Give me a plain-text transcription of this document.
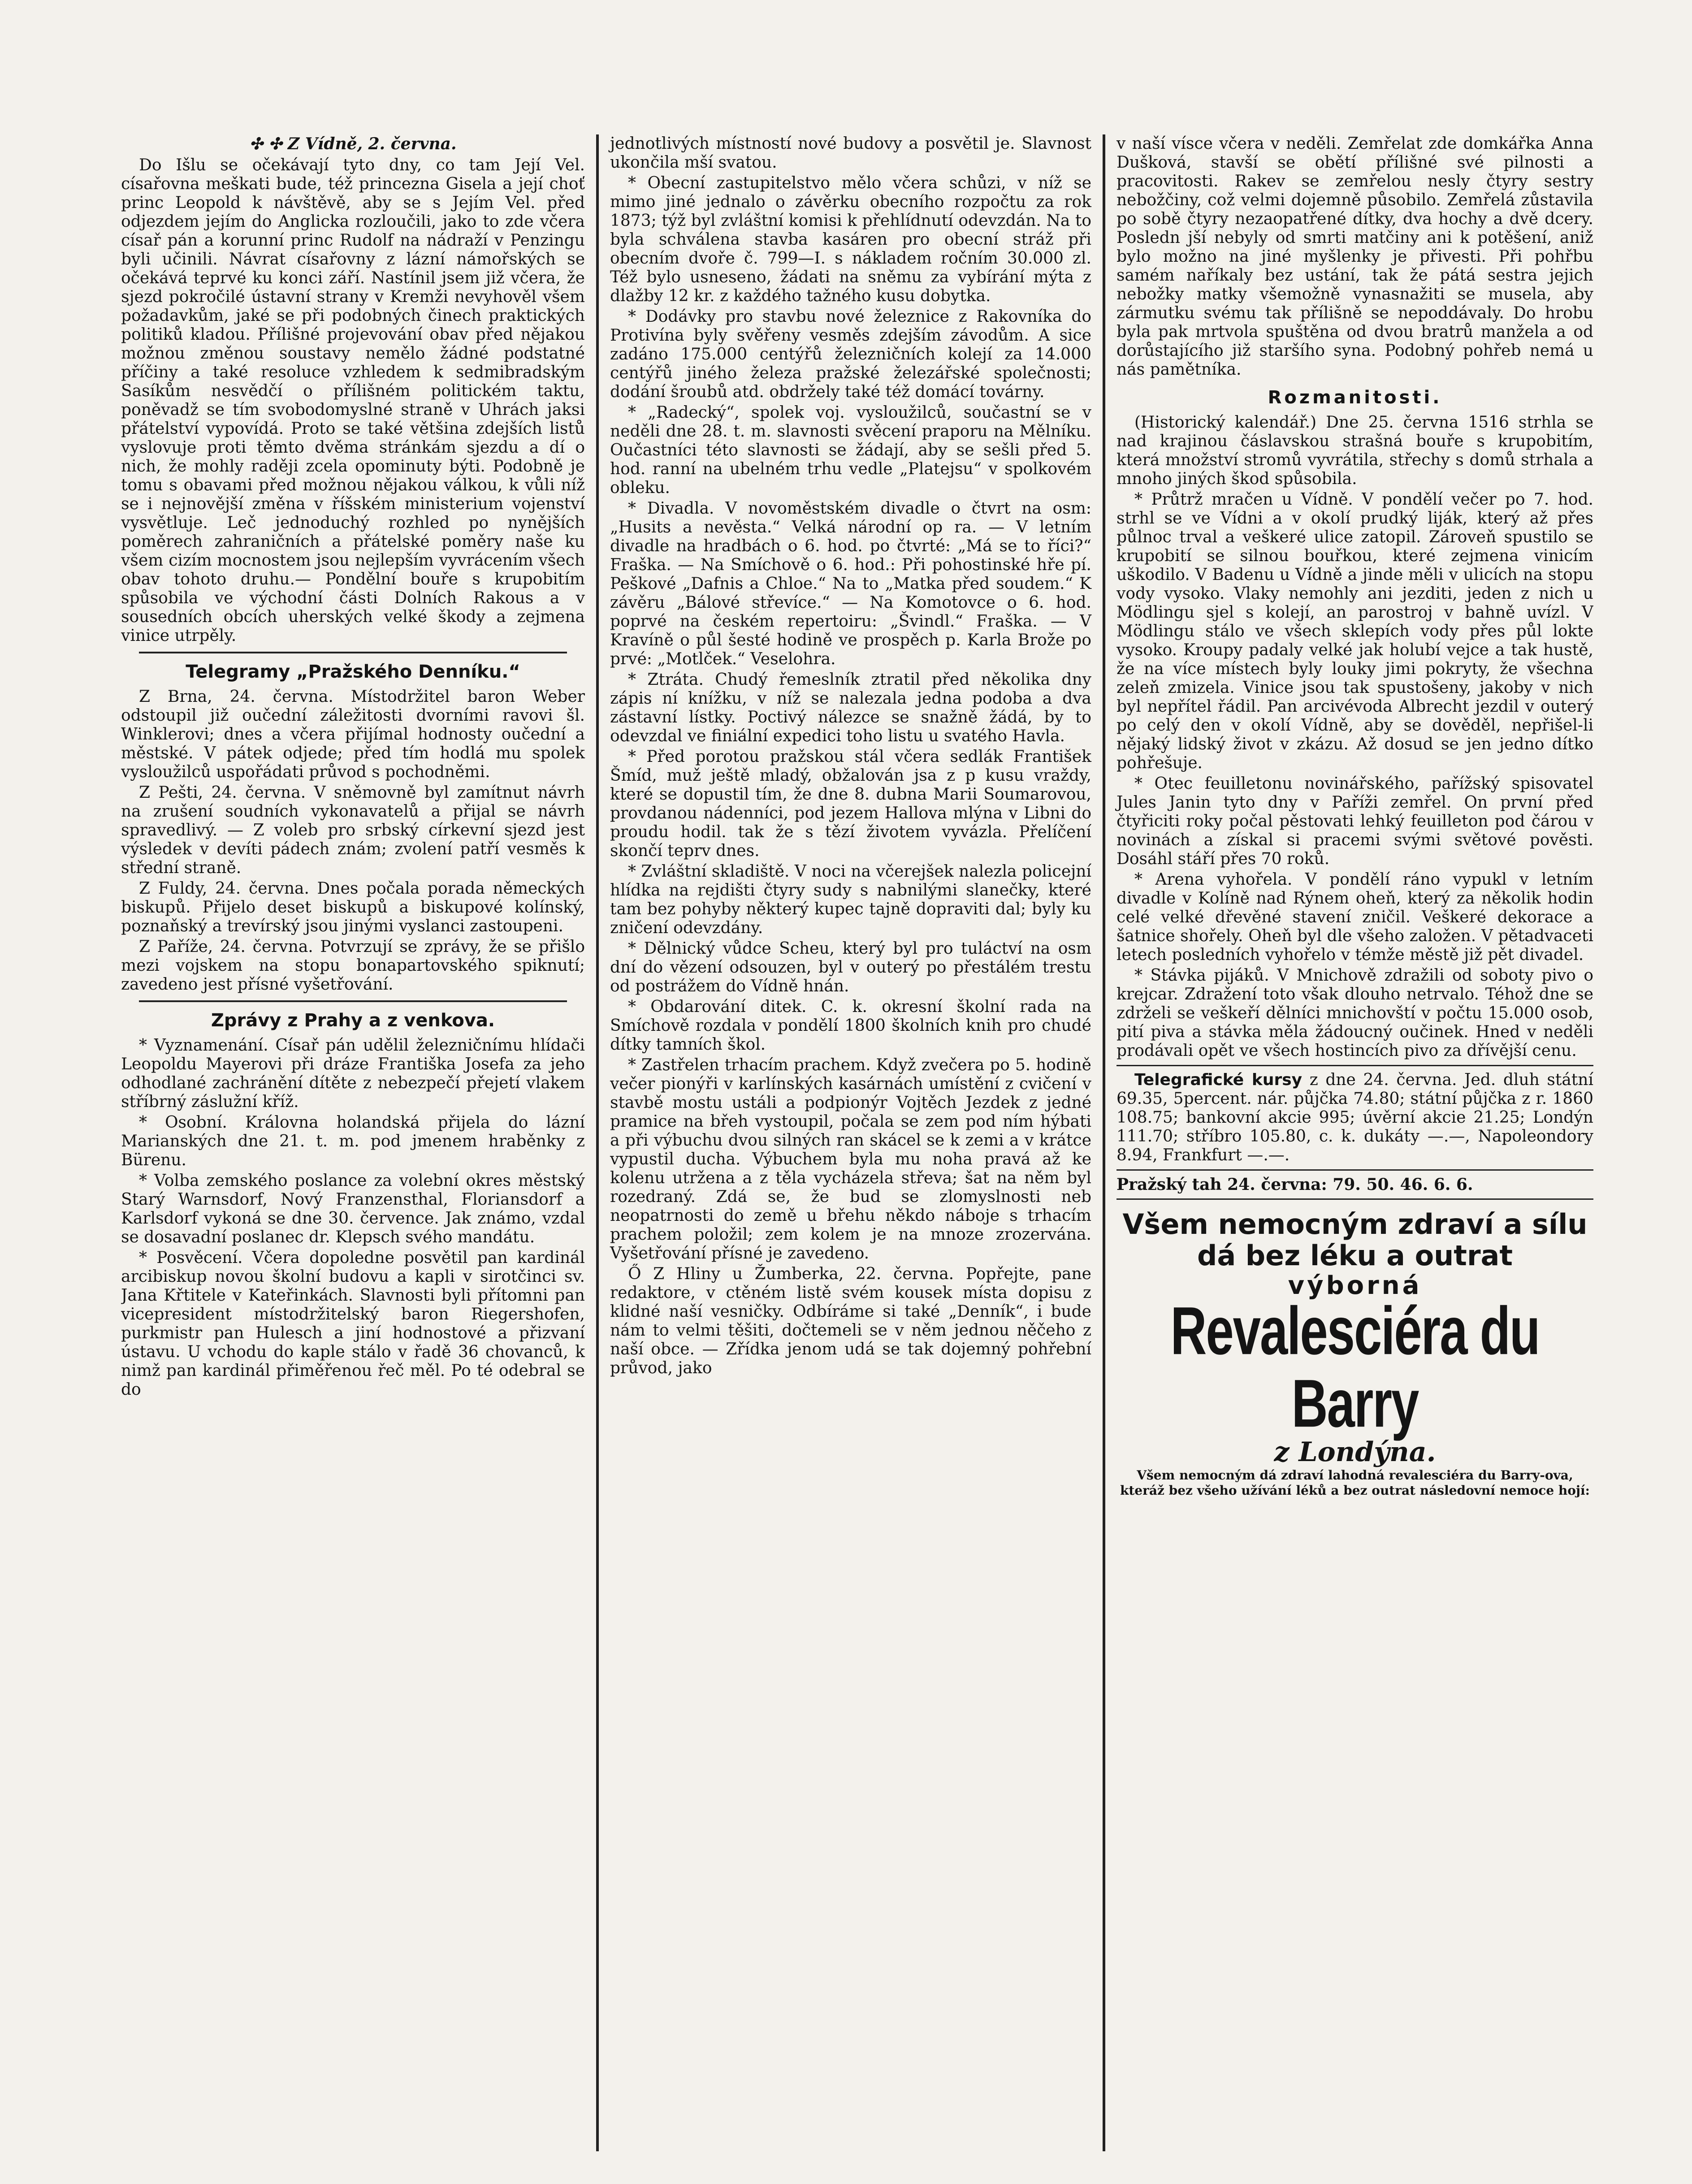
✣ ✣ Z Vídně, 2. června.

Do Išlu se očekávají tyto dny, co tam Její Vel. císařovna meškati bude, též princezna Gisela a její choť princ Leopold k návštěvě, aby se s Jejím Vel. před odjezdem jejím do Anglicka rozloučili, jako to zde včera císař pán a korunní princ Rudolf na nádraží v Penzingu byli učinili. Návrat císařovny z lázní námořských se očekává teprvé ku konci září. Nastínil jsem již včera, že sjezd pokročilé ústavní strany v Kremži nevyhověl všem požadavkům, jaké se při podobných činech praktických politiků kladou. Přílišné projevování obav před nějakou možnou změnou soustavy nemělo žádné podstatné příčiny a také resoluce vzhledem k sedmibradským Sasíkům nesvědčí o přílišném politickém taktu, poněvadž se tím svobodomyslné straně v Uhrách jaksi přátelství vypovídá. Proto se také většina zdejších listů vyslovuje proti těmto dvěma stránkám sjezdu a dí o nich, že mohly raději zcela opominuty býti. Podobně je tomu s obavami před možnou nějakou válkou, k vůli níž se i nejnovější změna v říšském ministerium vojenství vysvětluje. Leč jednoduchý rozhled po nynějších poměrech zahraničních a přátelské poměry naše ku všem cizím mocnostem jsou nejlepším vyvrácením všech obav tohoto druhu.— Pondělní bouře s krupobitím spůsobila ve východní části Dolních Rakous a v sousedních obcích uherských velké škody a zejmena vinice utrpěly.

Telegramy „Pražského Denníku.“

Z Brna, 24. června. Místodržitel baron Weber odstoupil již oučední záležitosti dvorními ravovi šl. Winklerovi; dnes a včera přijímal hodnosty oučední a městské. V pátek odjede; před tím hodlá mu spolek vysloužilců uspořádati průvod s pochodněmi.

Z Pešti, 24. června. V sněmovně byl zamítnut návrh na zrušení soudních vykonavatelů a přijal se návrh spravedlivý. — Z voleb pro srbský církevní sjezd jest výsledek v devíti pádech znám; zvolení patří vesměs k střední straně.

Z Fuldy, 24. června. Dnes počala porada německých biskupů. Přijelo deset biskupů a biskupové kolínský, poznaňský a trevírský jsou jinými vyslanci zastoupeni.

Z Paříže, 24. června. Potvrzují se zprávy, že se přišlo mezi vojskem na stopu bonapartovského spiknutí; zavedeno jest přísné vyšetřování.

Zprávy z Prahy a z venkova.

* Vyznamenání. Císař pán udělil železničnímu hlídači Leopoldu Mayerovi při dráze Františka Josefa za jeho odhodlané zachránění dítěte z nebezpečí přejetí vlakem stříbrný záslužní kříž.

* Osobní. Královna holandská přijela do lázní Marianských dne 21. t. m. pod jmenem hraběnky z Bürenu.

* Volba zemského poslance za volební okres městský Starý Warnsdorf, Nový Franzensthal, Floriansdorf a Karlsdorf vykoná se dne 30. července. Jak známo, vzdal se dosavadní poslanec dr. Klepsch svého mandátu.

* Posvěcení. Včera dopoledne posvětil pan kardinál arcibiskup novou školní budovu a kapli v sirotčinci sv. Jana Křtitele v Kateřinkách. Slavnosti byli přítomni pan vicepresident místodržitelský baron Riegershofen, purkmistr pan Hulesch a jiní hodnostové a přizvaní ústavu. U vchodu do kaple stálo v řadě 36 chovanců, k nimž pan kardinál přiměřenou řeč měl. Po té odebral se do

jednotlivých místností nové budovy a posvětil je. Slavnost ukončila mší svatou.

* Obecní zastupitelstvo mělo včera schůzi, v níž se mimo jiné jednalo o závěrku obecního rozpočtu za rok 1873; týž byl zvláštní komisi k přehlídnutí odevzdán. Na to byla schválena stavba kasáren pro obecní stráž při obecním dvoře č. 799—I. s nákladem ročním 30.000 zl. Též bylo usneseno, žádati na sněmu za vybírání mýta z dlažby 12 kr. z každého tažného kusu dobytka.

* Dodávky pro stavbu nové železnice z Rakovníka do Protivína byly svěřeny vesměs zdejším závodům. A sice zadáno 175.000 centýřů železničních kolejí za 14.000 centýřů jiného železa pražské železářské společnosti; dodání šroubů atd. obdržely také též domácí továrny.

* „Radecký“, spolek voj. vysloužilců, součastní se v neděli dne 28. t. m. slavnosti svěcení praporu na Mělníku. Oučastníci této slavnosti se žádají, aby se sešli před 5. hod. ranní na ubelném trhu vedle „Platejsu“ v spolkovém obleku.

* Divadla. V novoměstském divadle o čtvrt na osm: „Husits a nevěsta.“ Velká národní op ra. — V letním divadle na hradbách o 6. hod. po čtvrté: „Má se to říci?“ Fraška. — Na Smíchově o 6. hod.: Při pohostinské hře pí. Peškové „Dafnis a Chloe.“ Na to „Matka před soudem.“ K závěru „Bálové střevíce.“ — Na Komotovce o 6. hod. poprvé na českém repertoiru: „Švindl.“ Fraška. — V Kravíně o půl šesté hodině ve prospěch p. Karla Brože po prvé: „Motlček.“ Veselohra.

* Ztráta. Chudý řemeslník ztratil před několika dny zápis ní knížku, v níž se nalezala jedna podoba a dva zástavní lístky. Poctivý nálezce se snažně žádá, by to odevzdal ve finiální expedici toho listu u svatého Havla.

* Před porotou pražskou stál včera sedlák František Šmíd, muž ještě mladý, obžalován jsa z p kusu vraždy, které se dopustil tím, že dne 8. dubna Marii Soumarovou, provdanou nádenníci, pod jezem Hallova mlýna v Libni do proudu hodil. tak že s tězí životem vyvázla. Přelíčení skončí teprv dnes.

* Zvláštní skladiště. V noci na včerejšek nalezla policejní hlídka na rejdišti čtyry sudy s nabnilými slanečky, které tam bez pohyby některý kupec tajně dopraviti dal; byly ku zničení odevzdány.

* Dělnický vůdce Scheu, který byl pro tuláctví na osm dní do vězení odsouzen, byl v outerý po přestálém trestu od postrážem do Vídně hnán.

* Obdarování ditek. C. k. okresní školní rada na Smíchově rozdala v pondělí 1800 školních knih pro chudé dítky tamních škol.

* Zastřelen trhacím prachem. Když zvečera po 5. hodině večer pionýři v karlínských kasárnách umístění z cvičení v stavbě mostu ustáli a podpionýr Vojtěch Jezdek z jedné pramice na břeh vystoupil, počala se zem pod ním hýbati a při výbuchu dvou silných ran skácel se k zemi a v krátce vypustil ducha. Výbuchem byla mu noha pravá až ke kolenu utržena a z těla vycházela střeva; šat na něm byl rozedraný. Zdá se, že bud se zlomyslnosti neb neopatrnosti do země u břehu někdo náboje s trhacím prachem položil; zem kolem je na mnoze zrozervána. Vyšetřování přísné je zavedeno.

Ő Z Hliny u Žumberka, 22. června. Popřejte, pane redaktore, v ctěném listě svém kousek místa dopisu z klidné naší vesničky. Odbíráme si také „Denník“, i bude nám to velmi těšiti, dočtemeli se v něm jednou něčeho z naší obce. — Zřídka jenom udá se tak dojemný pohřební průvod, jako

v naší vísce včera v neděli. Zemřelat zde domkářka Anna Dušková, stavší se obětí přílišné své pilnosti a pracovitosti. Rakev se zemřelou nesly čtyry sestry nebožčiny, což velmi dojemně působilo. Zemřelá zůstavila po sobě čtyry nezaopatřené dítky, dva hochy a dvě dcery. Posledn jší nebyly od smrti matčiny ani k potěšení, aniž bylo možno na jiné myšlenky je přivesti. Při pohřbu samém naříkaly bez ustání, tak že pátá sestra jejich nebožky matky všemožně vynasnažiti se musela, aby zármutku svému tak přílišně se nepoddávaly. Do hrobu byla pak mrtvola spuštěna od dvou bratrů manžela a od dorůstajícího již staršího syna. Podobný pohřeb nemá u nás pamětníka.

Rozmanitosti.

(Historický kalendář.) Dne 25. června 1516 strhla se nad krajinou čáslavskou strašná bouře s krupobitím, která množství stromů vyvrátila, střechy s domů strhala a mnoho jiných škod spůsobila.

* Průtrž mračen u Vídně. V pondělí večer po 7. hod. strhl se ve Vídni a v okolí prudký liják, který až přes půlnoc trval a veškeré ulice zatopil. Zároveň spustilo se krupobití se silnou bouřkou, které zejmena vinicím uškodilo. V Badenu u Vídně a jinde měli v ulicích na stopu vody vysoko. Vlaky nemohly ani jezditi, jeden z nich u Mödlingu sjel s kolejí, an parostroj v bahně uvízl. V Mödlingu stálo ve všech sklepích vody přes půl lokte vysoko. Kroupy padaly velké jak holubí vejce a tak hustě, že na více místech byly louky jimi pokryty, že všechna zeleň zmizela. Vinice jsou tak spustošeny, jakoby v nich byl nepřítel řádil. Pan arcivévoda Albrecht jezdil v outerý po celý den v okolí Vídně, aby se dověděl, nepřišel-li nějaký lidský život v zkázu. Až dosud se jen jedno dítko pohřešuje.

* Otec feuilletonu novinářského, pařížský spisovatel Jules Janin tyto dny v Paříži zemřel. On první před čtyřiciti roky počal pěstovati lehký feuilleton pod čárou v novinách a získal si pracemi svými světové pověsti. Dosáhl stáří přes 70 roků.

* Arena vyhořela. V pondělí ráno vypukl v letním divadle v Kolíně nad Rýnem oheň, který za několik hodin celé velké dřevěné stavení zničil. Veškeré dekorace a šatnice shořely. Oheň byl dle všeho založen. V pětadvaceti letech posledních vyhořelo v témže městě již pět divadel.

* Stávka pijáků. V Mnichově zdražili od soboty pivo o krejcar. Zdražení toto však dlouho netrvalo. Téhož dne se zdrželi se veškeří dělníci mnichovští v počtu 15.000 osob, pití piva a stávka měla žádoucný oučinek. Hned v neděli prodávali opět ve všech hostincích pivo za dřívější cenu.

Telegrafické kursy z dne 24. června. Jed. dluh státní 69.35, 5percent. nár. půjčka 74.80; státní půjčka z r. 1860 108.75; bankovní akcie 995; úvěrní akcie 21.25; Londýn 111.70; stříbro 105.80, c. k. dukáty —.—, Napoleondory 8.94, Frankfurt —.—.

Pražský tah 24. června: 79. 50. 46. 6. 6.
Všem nemocným zdraví a sílu
dá bez léku a outrat
výborná
Revalesciéra du Barry
z Londýna.
Všem nemocným dá zdraví lahodná revalesciéra du Barry-ova, kteráž bez všeho užívání léků a bez outrat následovní nemoce hojí:
